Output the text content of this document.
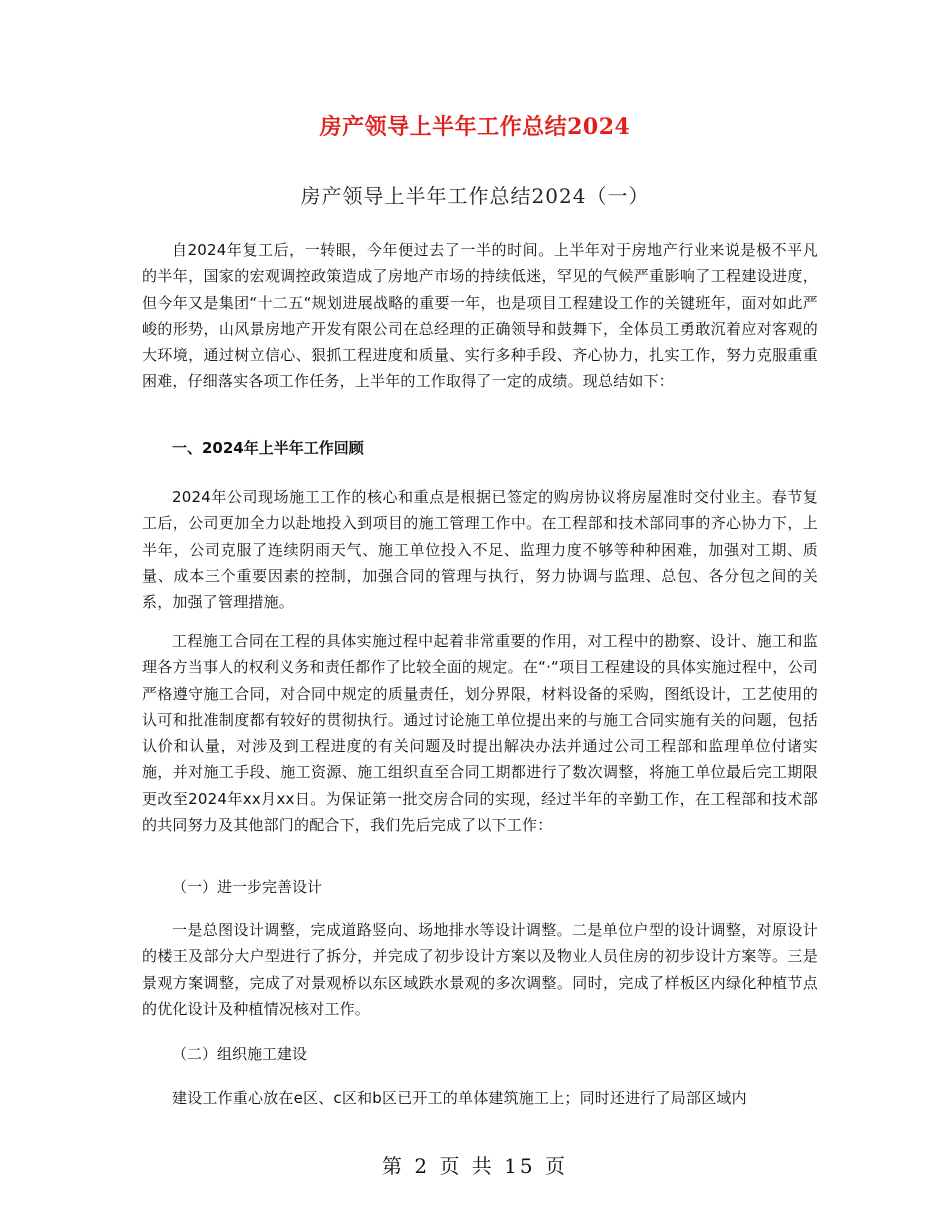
房产领导上半年工作总结2024
房产领导上半年工作总结2024（一）

自2024年复工后，一转眼，今年便过去了一半的时间。上半年对于房地产行业来说是极不平凡的半年，国家的宏观调控政策造成了房地产市场的持续低迷，罕见的气候严重影响了工程建设进度，但今年又是集团“十二五“规划进展战略的重要一年，也是项目工程建设工作的关键班年，面对如此严峻的形势，山风景房地产开发有限公司在总经理的正确领导和鼓舞下，全体员工勇敢沉着应对客观的大环境，通过树立信心、狠抓工程进度和质量、实行多种手段、齐心协力，扎实工作，努力克服重重困难，仔细落实各项工作任务，上半年的工作取得了一定的成绩。现总结如下：

一、2024年上半年工作回顾

2024年公司现场施工工作的核心和重点是根据已签定的购房协议将房屋准时交付业主。春节复工后，公司更加全力以赴地投入到项目的施工管理工作中。在工程部和技术部同事的齐心协力下，上半年，公司克服了连续阴雨天气、施工单位投入不足、监理力度不够等种种困难，加强对工期、质量、成本三个重要因素的控制，加强合同的管理与执行，努力协调与监理、总包、各分包之间的关系，加强了管理措施。

工程施工合同在工程的具体实施过程中起着非常重要的作用，对工程中的勘察、设计、施工和监理各方当事人的权利义务和责任都作了比较全面的规定。在“·“项目工程建设的具体实施过程中，公司严格遵守施工合同，对合同中规定的质量责任，划分界限，材料设备的采购，图纸设计，工艺使用的认可和批准制度都有较好的贯彻执行。通过讨论施工单位提出来的与施工合同实施有关的问题，包括认价和认量，对涉及到工程进度的有关问题及时提出解决办法并通过公司工程部和监理单位付诸实施，并对施工手段、施工资源、施工组织直至合同工期都进行了数次调整，将施工单位最后完工期限更改至2024年xx月xx日。为保证第一批交房合同的实现，经过半年的辛勤工作，在工程部和技术部的共同努力及其他部门的配合下，我们先后完成了以下工作：

（一）进一步完善设计

一是总图设计调整，完成道路竖向、场地排水等设计调整。二是单位户型的设计调整，对原设计的楼王及部分大户型进行了拆分，并完成了初步设计方案以及物业人员住房的初步设计方案等。三是景观方案调整，完成了对景观桥以东区域跌水景观的多次调整。同时，完成了样板区内绿化种植节点的优化设计及种植情况核对工作。

（二）组织施工建设

建设工作重心放在e区、c区和b区已开工的单体建筑施工上；同时还进行了局部区域内

第 2 页 共 15 页
